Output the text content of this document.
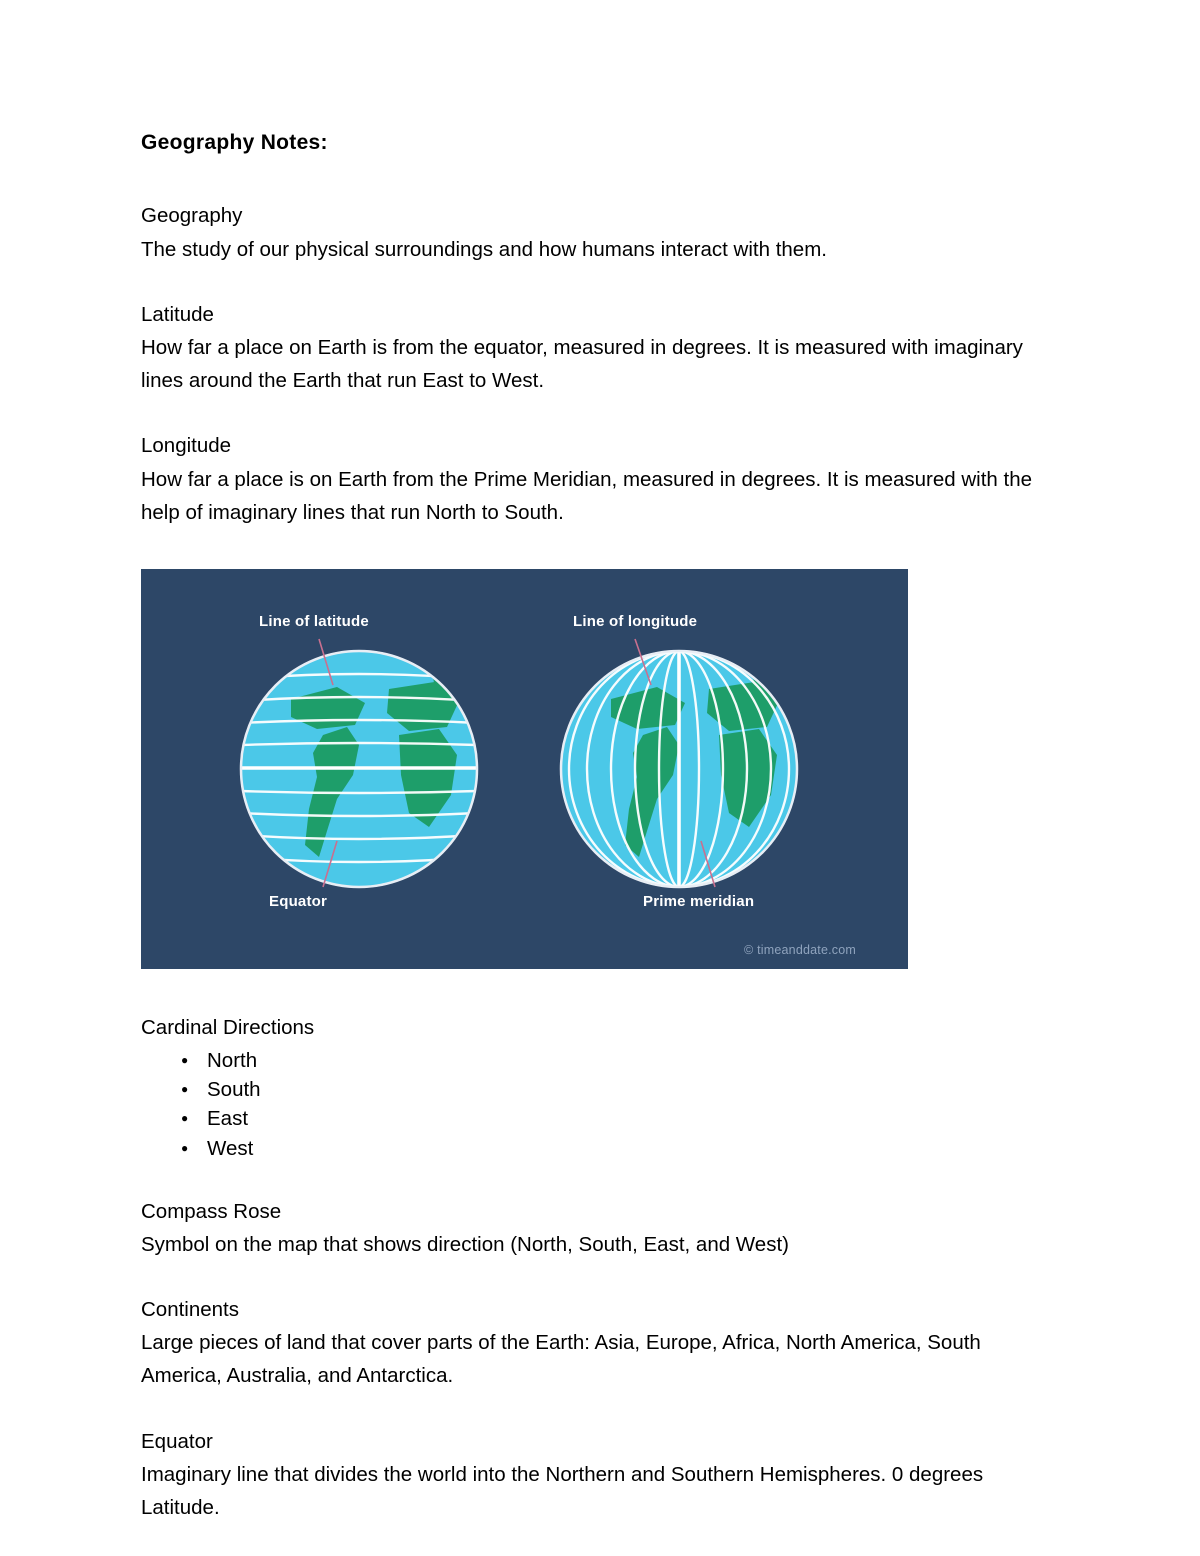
Geography Notes:

Geography

The study of our physical surroundings and how humans interact with them.

Latitude

How far a place on Earth is from the equator, measured in degrees. It is measured with imaginary lines around the Earth that run East to West.

Longitude

How far a place is on Earth from the Prime Meridian, measured in degrees. It is measured with the help of imaginary lines that run North to South.

Line of latitude	Line of longitude
Equator	Prime meridian
© timeanddate.com

Cardinal Directions

● North
● South
● East
● West

Compass Rose

Symbol on the map that shows direction (North, South, East, and West)

Continents

Large pieces of land that cover parts of the Earth: Asia, Europe, Africa, North America, South America, Australia, and Antarctica.

Equator

Imaginary line that divides the world into the Northern and Southern Hemispheres. 0 degrees Latitude.
